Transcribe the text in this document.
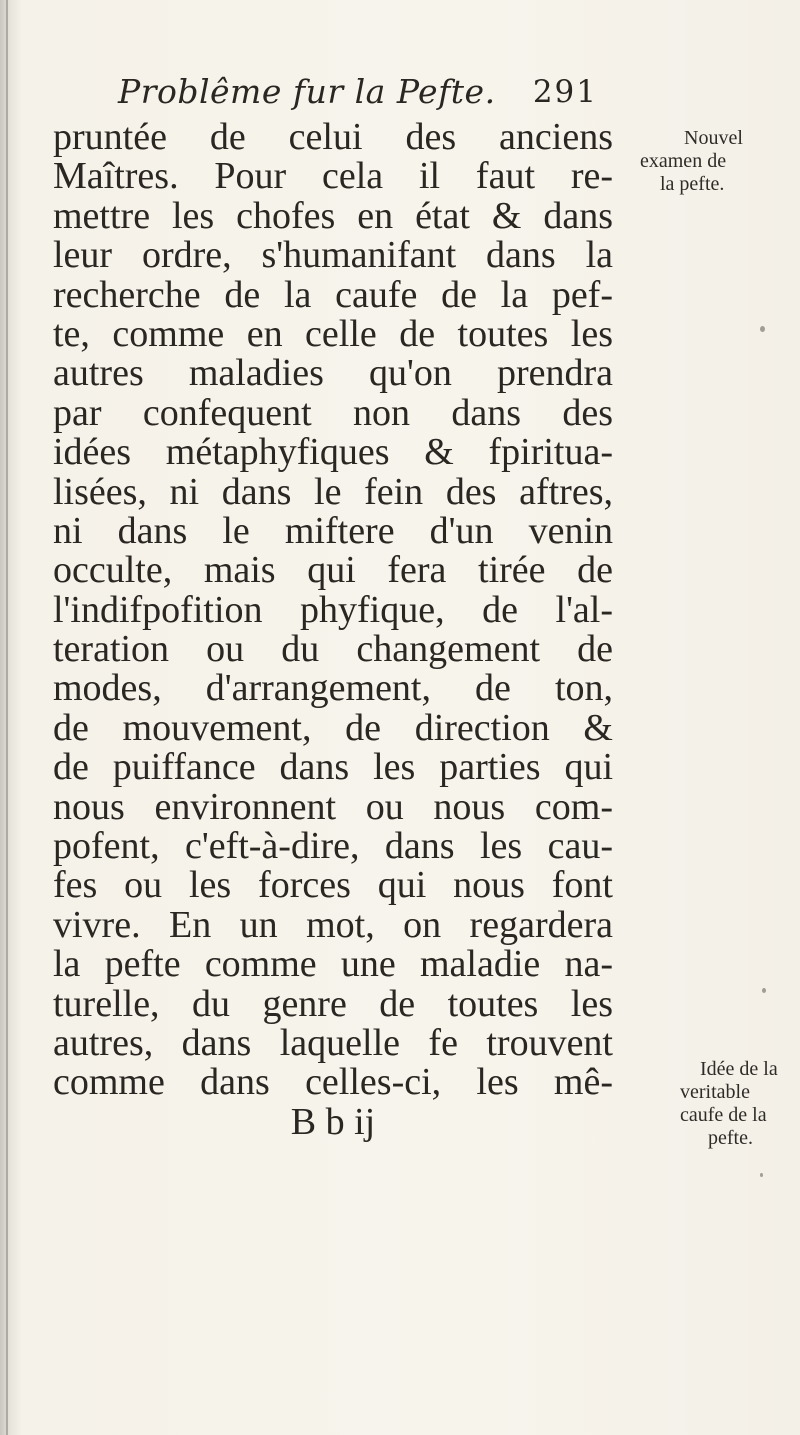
Problême fur la Pefte. 291
pruntée de celui des anciens
Maîtres. Pour cela il faut re-
mettre les chofes en état & dans
leur ordre, s'humanifant dans la
recherche de la caufe de la pef-
te, comme en celle de toutes les
autres maladies qu'on prendra
par confequent non dans des
idées métaphyfiques & fpiritua-
lisées, ni dans le fein des aftres,
ni dans le miftere d'un venin
occulte, mais qui fera tirée de
l'indifpofition phyfique, de l'al-
teration ou du changement de
modes, d'arrangement, de ton,
de mouvement, de direction &
de puiffance dans les parties qui
nous environnent ou nous com-
pofent, c'eft-à-dire, dans les cau-
fes ou les forces qui nous font
vivre. En un mot, on regardera
la pefte comme une maladie na-
turelle, du genre de toutes les
autres, dans laquelle fe trouvent
comme dans celles-ci, les mê-
B b ij
Nouvel
examen de
la pefte.
Idée de la
veritable
caufe de la
pefte.
